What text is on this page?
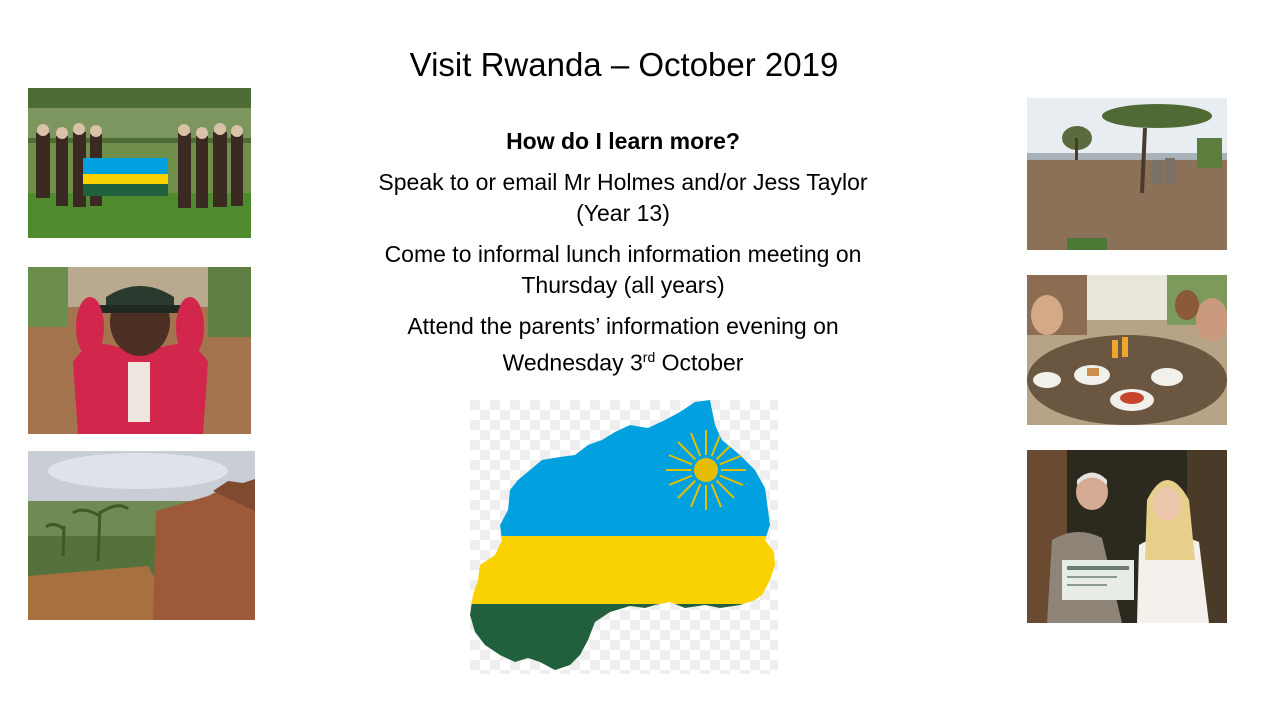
Visit Rwanda – October 2019
How do I learn more?
Speak to or email Mr Holmes and/or Jess Taylor
(Year 13)
Come to informal lunch information meeting on
Thursday (all years)
Attend the parents’ information evening on
Wednesday 3rd October
